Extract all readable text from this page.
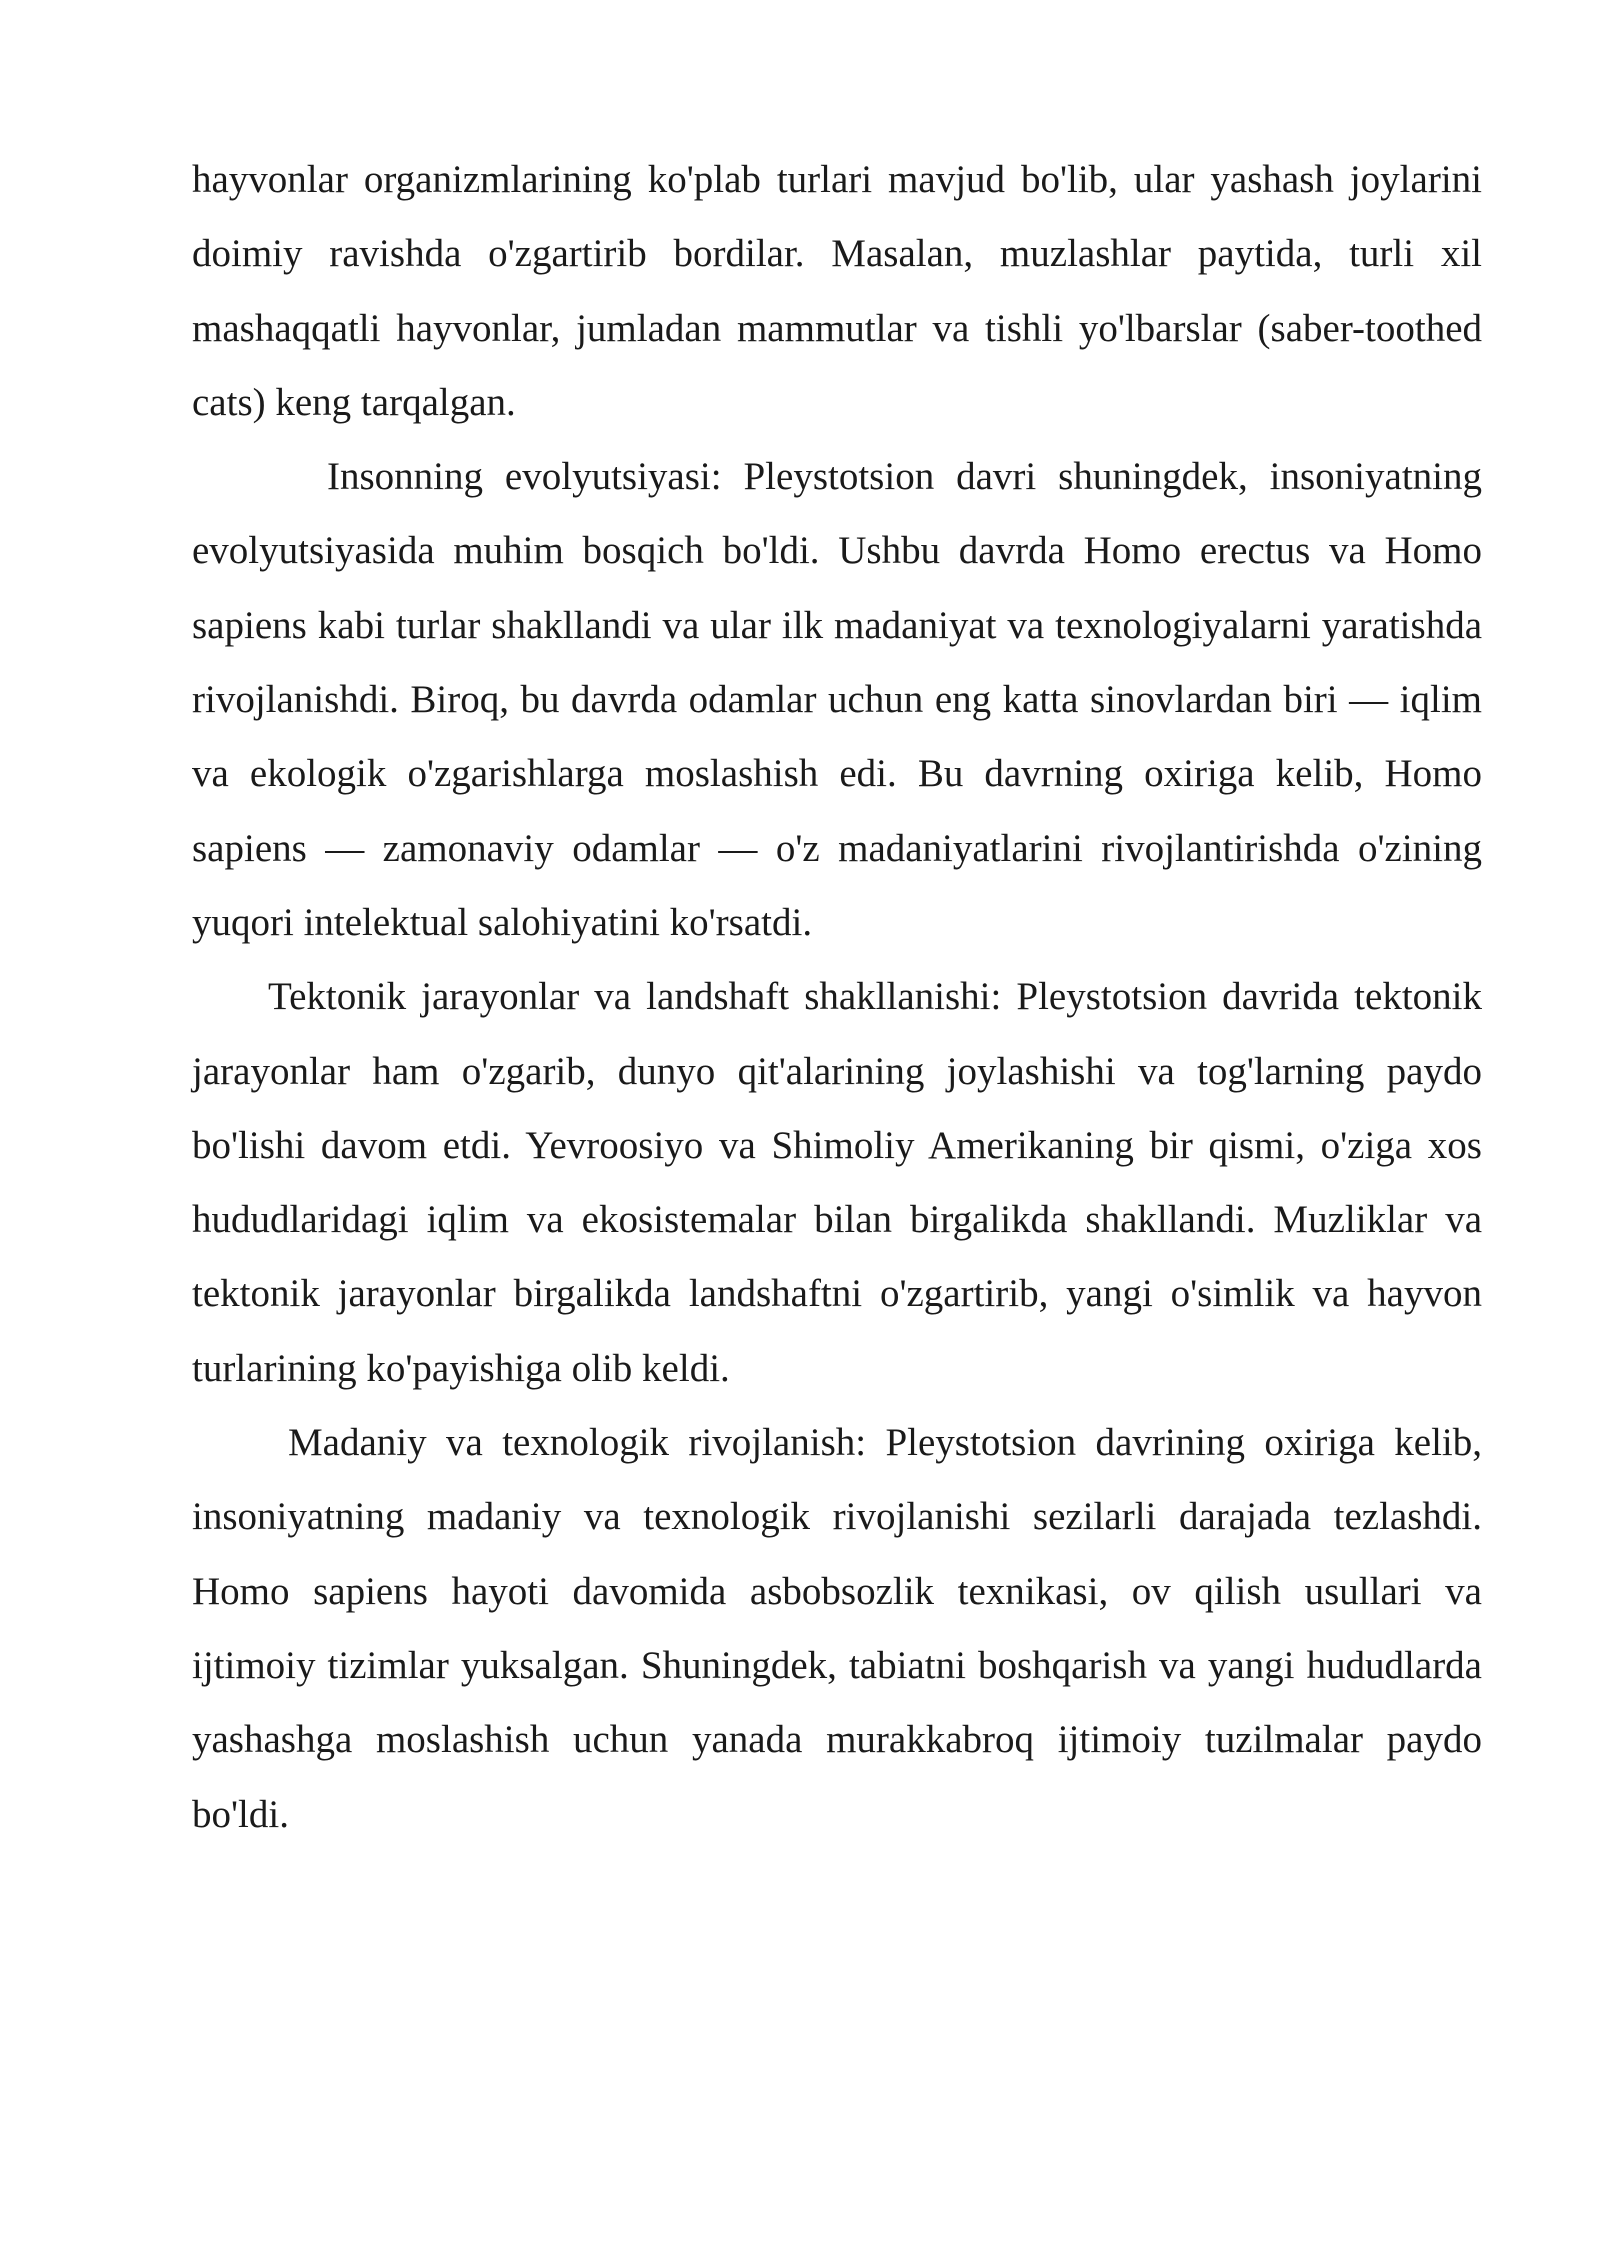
hayvonlar organizmlarining ko'plab turlari mavjud bo'lib, ular yashash joylarini doimiy ravishda o'zgartirib bordilar. Masalan, muzlashlar paytida, turli xil mashaqqatli hayvonlar, jumladan mammutlar va tishli yo'lbarslar (saber-toothed cats) keng tarqalgan.

Insonning evolyutsiyasi: Pleystotsion davri shuningdek, insoniyatning evolyutsiyasida muhim bosqich bo'ldi. Ushbu davrda Homo erectus va Homo sapiens kabi turlar shakllandi va ular ilk madaniyat va texnologiyalarni yaratishda rivojlanishdi. Biroq, bu davrda odamlar uchun eng katta sinovlardan biri — iqlim va ekologik o'zgarishlarga moslashish edi. Bu davrning oxiriga kelib, Homo sapiens — zamonaviy odamlar — o'z madaniyatlarini rivojlantirishda o'zining yuqori intelektual salohiyatini ko'rsatdi.

Tektonik jarayonlar va landshaft shakllanishi: Pleystotsion davrida tektonik jarayonlar ham o'zgarib, dunyo qit'alarining joylashishi va tog'larning paydo bo'lishi davom etdi. Yevroosiyo va Shimoliy Amerikaning bir qismi, o'ziga xos hududlaridagi iqlim va ekosistemalar bilan birgalikda shakllandi. Muzliklar va tektonik jarayonlar birgalikda landshaftni o'zgartirib, yangi o'simlik va hayvon turlarining ko'payishiga olib keldi.

Madaniy va texnologik rivojlanish: Pleystotsion davrining oxiriga kelib, insoniyatning madaniy va texnologik rivojlanishi sezilarli darajada tezlashdi. Homo sapiens hayoti davomida asbobsozlik texnikasi, ov qilish usullari va ijtimoiy tizimlar yuksalgan. Shuningdek, tabiatni boshqarish va yangi hududlarda yashashga moslashish uchun yanada murakkabroq ijtimoiy tuzilmalar paydo bo'ldi.
